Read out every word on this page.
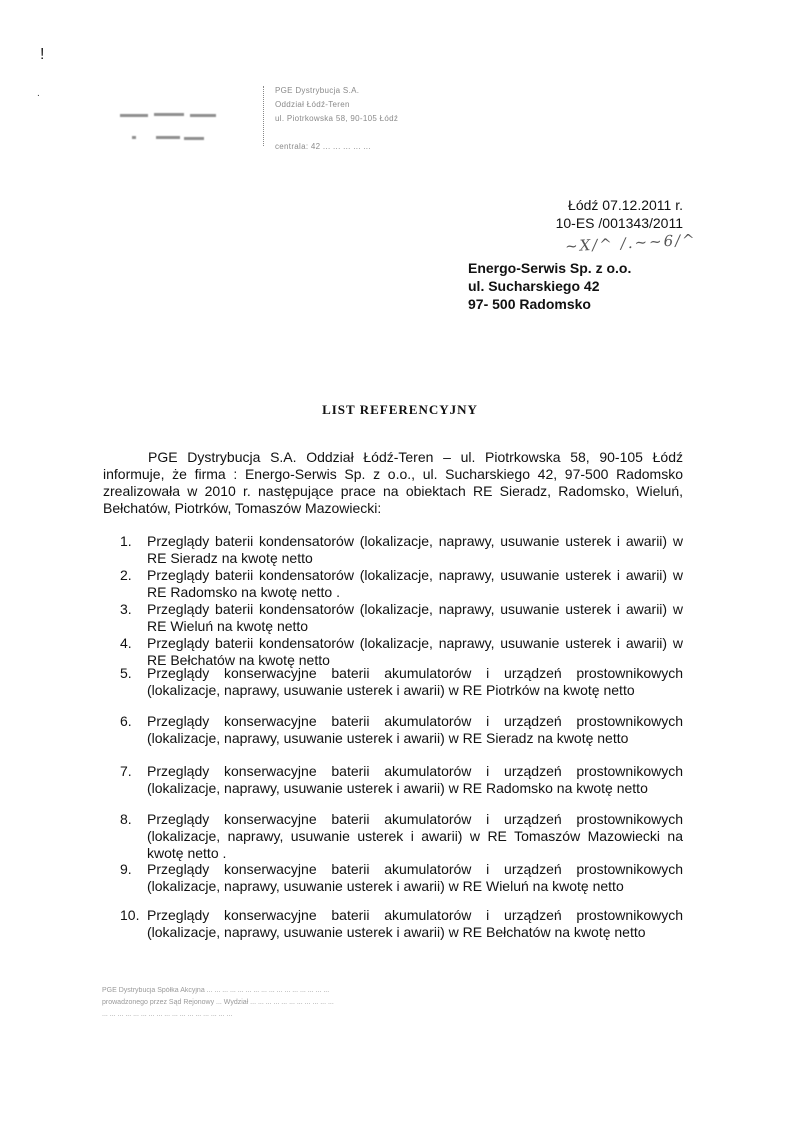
!
.	PGE Dystrybucja S.A.
Oddział Łódź-Teren
ul. Piotrkowska 58, 90-105 Łódź

centrala: 42 ... ... ... ... ...
Łódź 07.12.2011 r.
10-ES /001343/2011
~X/^ /.~~6/^
Energo-Serwis Sp. z o.o.
ul. Sucharskiego 42
97- 500 Radomsko
LIST REFERENCYJNY
PGE Dystrybucja S.A. Oddział Łódź-Teren – ul. Piotrkowska 58, 90-105 Łódź informuje, że firma : Energo-Serwis Sp. z o.o., ul. Sucharskiego 42, 97-500 Radomsko zrealizowała w 2010 r. następujące prace na obiektach RE Sieradz, Radomsko, Wieluń, Bełchatów, Piotrków, Tomaszów Mazowiecki:
1.	Przeglądy baterii kondensatorów (lokalizacje, naprawy, usuwanie usterek i awarii) w RE Sieradz na kwotę netto
2.	Przeglądy baterii kondensatorów (lokalizacje, naprawy, usuwanie usterek i awarii) w RE Radomsko na kwotę netto .
3.	Przeglądy baterii kondensatorów (lokalizacje, naprawy, usuwanie usterek i awarii) w RE Wieluń na kwotę netto
4.	Przeglądy baterii kondensatorów (lokalizacje, naprawy, usuwanie usterek i awarii) w RE Bełchatów na kwotę netto
5.	Przeglądy konserwacyjne baterii akumulatorów i urządzeń prostownikowych (lokalizacje, naprawy, usuwanie usterek i awarii) w RE Piotrków na kwotę netto
6.	Przeglądy konserwacyjne baterii akumulatorów i urządzeń prostownikowych (lokalizacje, naprawy, usuwanie usterek i awarii) w RE Sieradz na kwotę netto
7.	Przeglądy konserwacyjne baterii akumulatorów i urządzeń prostownikowych (lokalizacje, naprawy, usuwanie usterek i awarii) w RE Radomsko na kwotę netto
8.	Przeglądy konserwacyjne baterii akumulatorów i urządzeń prostownikowych (lokalizacje, naprawy, usuwanie usterek i awarii) w RE Tomaszów Mazowiecki na kwotę netto .
9.	Przeglądy konserwacyjne baterii akumulatorów i urządzeń prostownikowych (lokalizacje, naprawy, usuwanie usterek i awarii) w RE Wieluń na kwotę netto
10. Przeglądy konserwacyjne baterii akumulatorów i urządzeń prostownikowych (lokalizacje, naprawy, usuwanie usterek i awarii) w RE Bełchatów na kwotę netto
PGE Dystrybucja Spółka Akcyjna ... ... ... ... ... ... ... ... ... ... ... ... ... ... ... ...
prowadzonego przez Sąd Rejonowy ... Wydział ... ... ... ... ... ... ... ... ... ... ...
... ... ... ... ... ... ... ... ... ... ... ... ... ... ... ... ...
